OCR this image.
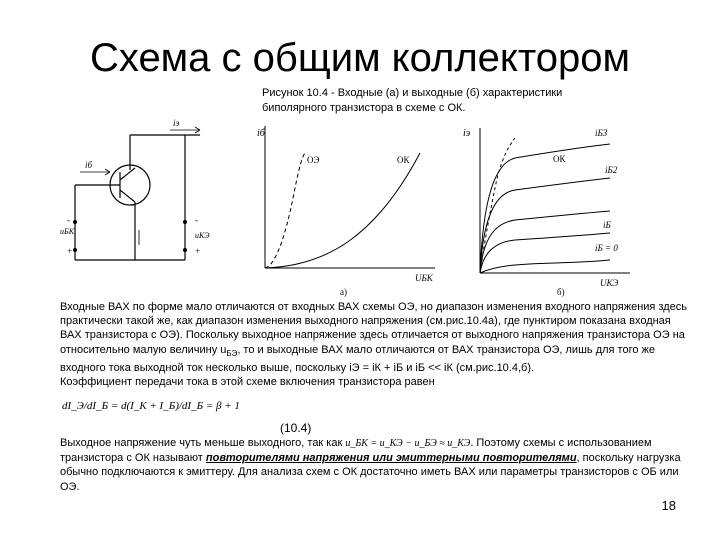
Схема с общим коллектором
Рисунок 10.4 - Входные (а) и выходные (б) характеристики
биполярного транзистора в схеме с ОК.
iэ
iб
uБК	uКЭ
-
+
-
+
iб
UБК
ОЭ	ОК
а)
iэ
UКЭ
iБ3
iБ2
iБ
iБ = 0
ОК
б)

Входные ВАХ по форме мало отличаются от входных ВАХ схемы ОЭ, но диапазон изменения входного напряжения здесь практически такой же, как диапазон изменения выходного напряжения (см.рис.10.4а), где пунктиром показана входная ВАХ транзистора с ОЭ). Поскольку выходное напряжение здесь отличается от выходного напряжения транзистора ОЭ на относительно малую величину $u_{БЭ}$, то и выходные ВАХ мало отличаются от ВАХ транзистора ОЭ, лишь для того же входного тока выходной ток несколько выше, поскольку iЭ = iК + iБ и iБ << iК (см.рис.10.4,б).

Коэффициент передачи тока в этой схеме включения транзистора равен

dI_Э/dI_Б = d(I_К + I_Б)/dI_Б = β + 1
(10.4)
Выходное напряжение чуть меньше выходного, так как u_БК = u_КЭ − u_БЭ ≈ u_КЭ. Поэтому схемы с использованием транзистора с ОК называют повторителями напряжения или эмиттерными повторителями, поскольку нагрузка обычно подключаются к эмиттеру. Для анализа схем с ОК достаточно иметь ВАХ или параметры транзисторов с ОБ или ОЭ.
18
